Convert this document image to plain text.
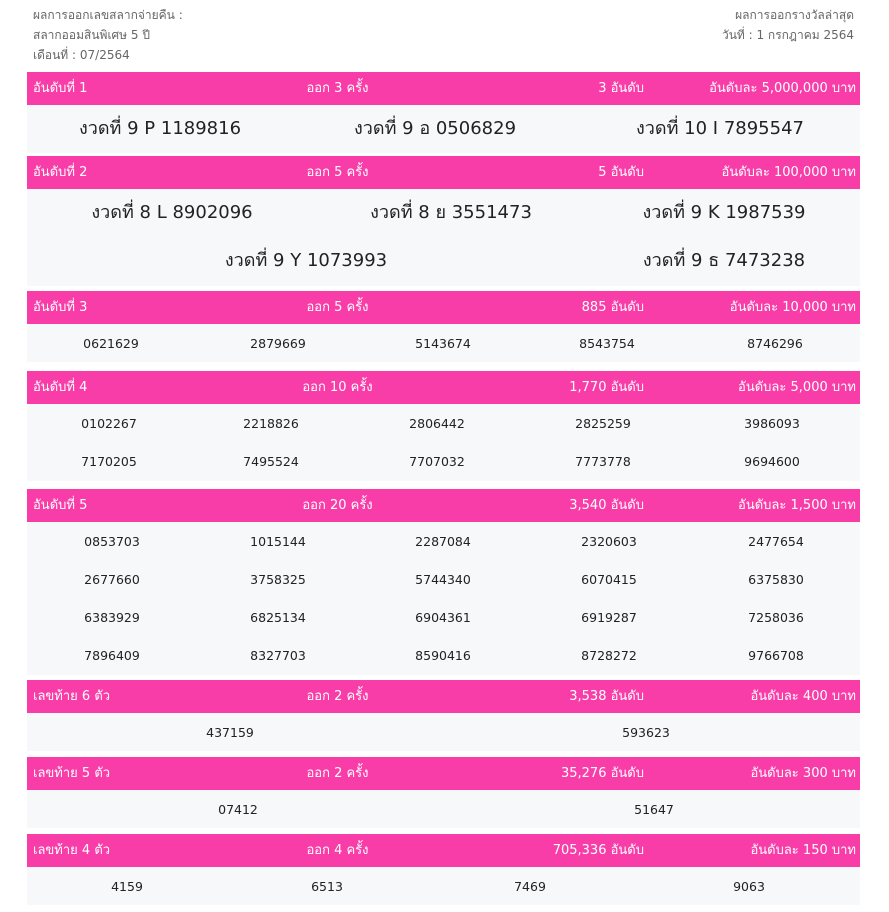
ผลการออกเลขสลากจ่ายคืน :
สลากออมสินพิเศษ 5 ปี
เดือนที่ : 07/2564
ผลการออกรางวัลล่าสุด
วันที่ : 1 กรกฎาคม 2564
อันดับที่ 1	ออก 3 ครั้ง	3 อันดับ	อันดับละ 5,000,000 บาท
งวดที่ 9 P 1189816	งวดที่ 9 อ 0506829	งวดที่ 10 I 7895547
อันดับที่ 2	ออก 5 ครั้ง	5 อันดับ	อันดับละ 100,000 บาท
งวดที่ 8 L 8902096	งวดที่ 8 ย 3551473	งวดที่ 9 K 1987539
งวดที่ 9 Y 1073993	งวดที่ 9 ธ 7473238
อันดับที่ 3	ออก 5 ครั้ง	885 อันดับ	อันดับละ 10,000 บาท
0621629	2879669	5143674	8543754	8746296
อันดับที่ 4	ออก 10 ครั้ง	1,770 อันดับ	อันดับละ 5,000 บาท
0102267	2218826	2806442	2825259	3986093
7170205	7495524	7707032	7773778	9694600
อันดับที่ 5	ออก 20 ครั้ง	3,540 อันดับ	อันดับละ 1,500 บาท
0853703	1015144	2287084	2320603	2477654
2677660	3758325	5744340	6070415	6375830
6383929	6825134	6904361	6919287	7258036
7896409	8327703	8590416	8728272	9766708
เลขท้าย 6 ตัว	ออก 2 ครั้ง	3,538 อันดับ	อันดับละ 400 บาท
437159	593623
เลขท้าย 5 ตัว	ออก 2 ครั้ง	35,276 อันดับ	อันดับละ 300 บาท
07412	51647
เลขท้าย 4 ตัว	ออก 4 ครั้ง	705,336 อันดับ	อันดับละ 150 บาท
4159	6513	7469	9063
